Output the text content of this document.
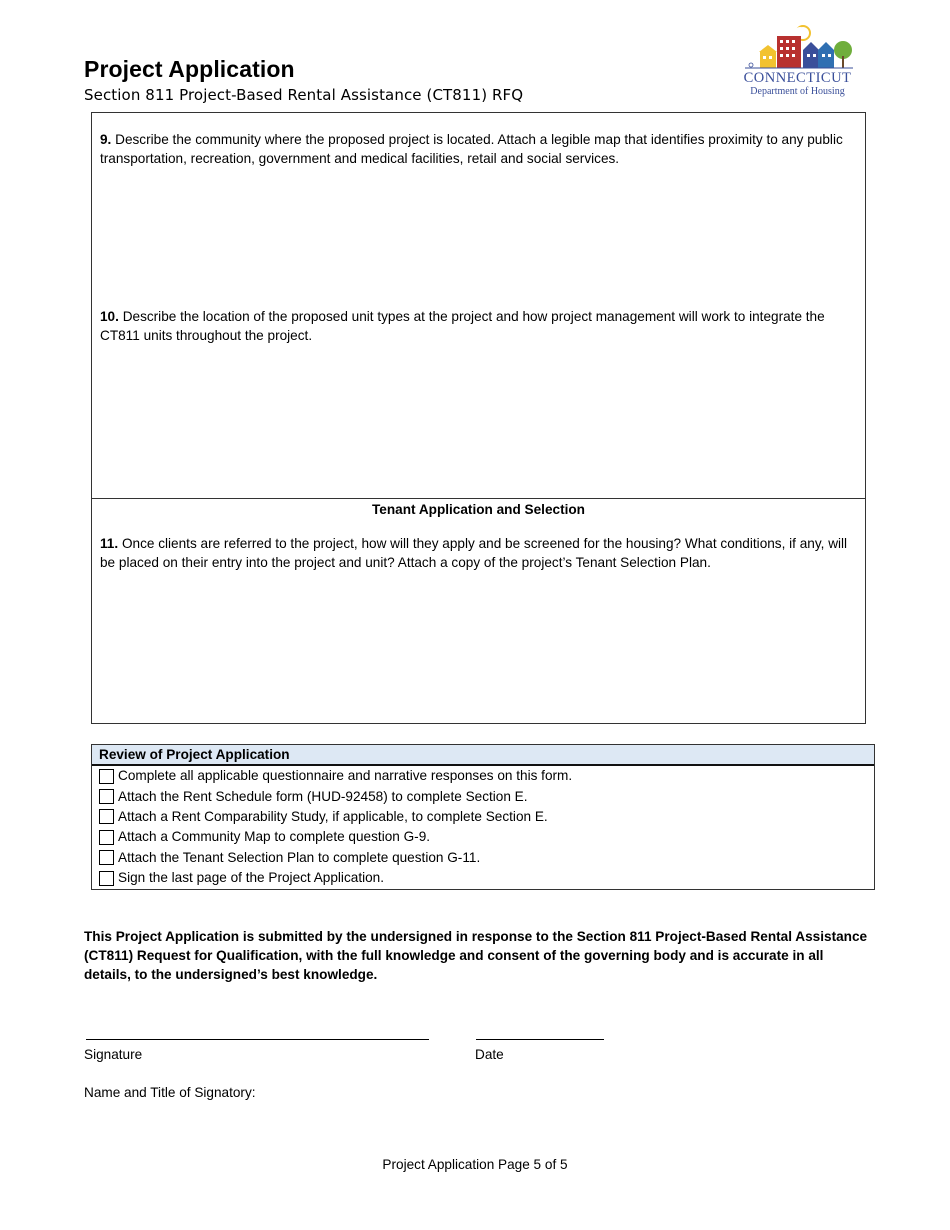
Project Application
Section 811 Project-Based Rental Assistance (CT811) RFQ
CONNECTICUT
Department of Housing
9. Describe the community where the proposed project is located. Attach a legible map that identifies proximity to any public transportation, recreation, government and medical facilities, retail and social services.
10. Describe the location of the proposed unit types at the project and how project management will work to integrate the CT811 units throughout the project.
Tenant Application and Selection
11. Once clients are referred to the project, how will they apply and be screened for the housing? What conditions, if any, will be placed on their entry into the project and unit? Attach a copy of the project’s Tenant Selection Plan.
Review of Project Application
Complete all applicable questionnaire and narrative responses on this form.
Attach the Rent Schedule form (HUD-92458) to complete Section E.
Attach a Rent Comparability Study, if applicable, to complete Section E.
Attach a Community Map to complete question G-9.
Attach the Tenant Selection Plan to complete question G-11.
Sign the last page of the Project Application.
This Project Application is submitted by the undersigned in response to the Section 811 Project-Based Rental Assistance (CT811) Request for Qualification, with the full knowledge and consent of the governing body and is accurate in all details, to the undersigned’s best knowledge.
Signature	Date
Name and Title of Signatory:
Project Application Page 5 of 5
